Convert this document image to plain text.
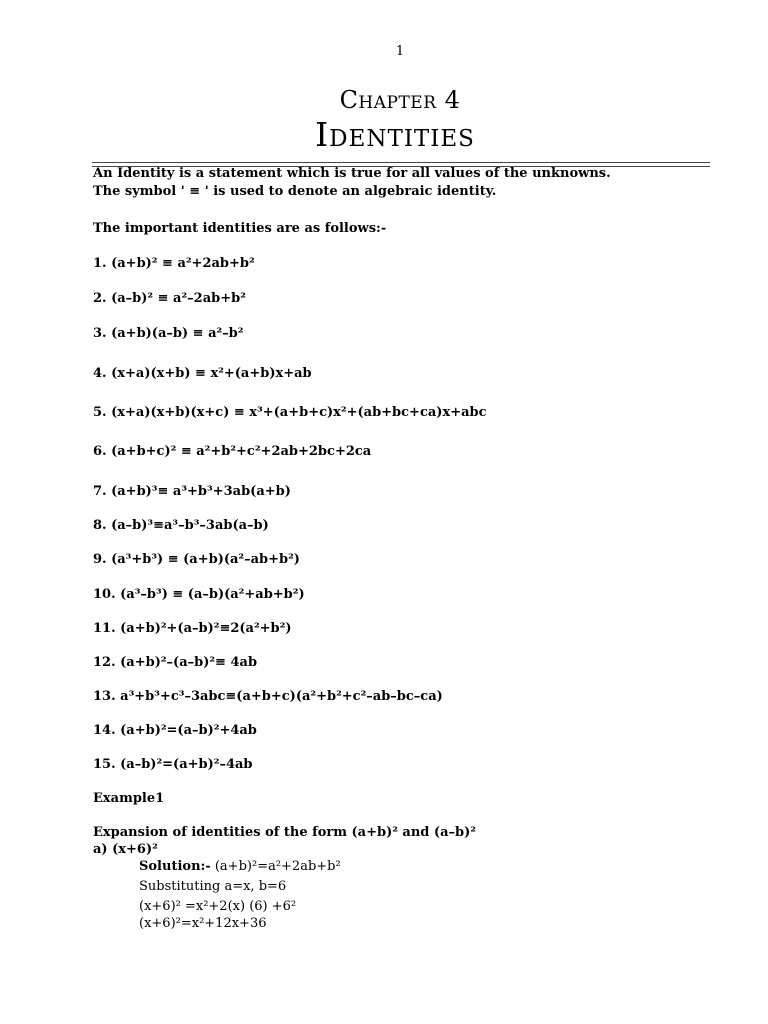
1
Chapter 4
Identities
An Identity is a statement which is true for all values of the unknowns.
The symbol ' ≡ ' is used to denote an algebraic identity.
The important identities are as follows:-
1. (a+b)² ≡ a²+2ab+b²
2. (a–b)² ≡ a²–2ab+b²
3. (a+b)(a–b) ≡ a²–b²
4. (x+a)(x+b) ≡ x²+(a+b)x+ab
5. (x+a)(x+b)(x+c) ≡ x³+(a+b+c)x²+(ab+bc+ca)x+abc
6. (a+b+c)² ≡ a²+b²+c²+2ab+2bc+2ca
7. (a+b)³≡ a³+b³+3ab(a+b)
8. (a–b)³≡a³–b³–3ab(a–b)
9. (a³+b³) ≡ (a+b)(a²–ab+b²)
10. (a³–b³) ≡ (a–b)(a²+ab+b²)
11. (a+b)²+(a–b)²≡2(a²+b²)
12. (a+b)²–(a–b)²≡ 4ab
13. a³+b³+c³–3abc≡(a+b+c)(a²+b²+c²–ab–bc–ca)
14. (a+b)²=(a–b)²+4ab
15. (a–b)²=(a+b)²–4ab
Example1
Expansion of identities of the form (a+b)² and (a–b)²
a) (x+6)²
Solution:- (a+b)²=a²+2ab+b²
Substituting a=x, b=6
(x+6)² =x²+2(x) (6) +6²
(x+6)²=x²+12x+36
